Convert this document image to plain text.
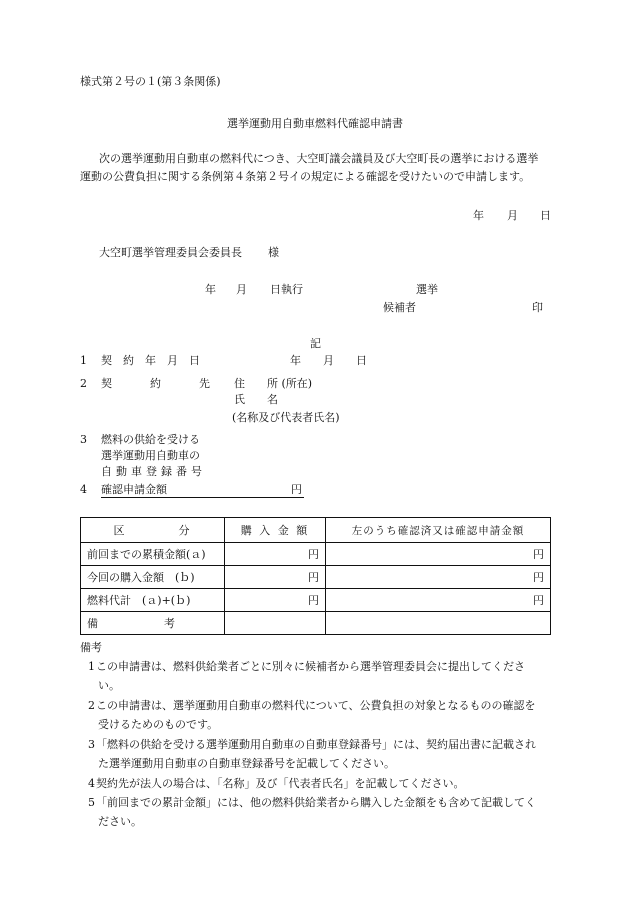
様式第２号の１(第３条関係)
選挙運動用自動車燃料代確認申請書
次の選挙運動用自動車の燃料代につき、大空町議会議員及び大空町長の選挙における選挙
運動の公費負担に関する条例第４条第２号イの規定による確認を受けたいので申請します。
年 月 日
大空町選挙管理委員会委員長 様
年 月 日執行	選挙
候補者	印
記
1 契　約　年　月　日	年 月 日
2 契	約	先 住　　所 (所在)
氏　　名
(名称及び代表者氏名)
3 燃料の供給を受ける
選挙運動用自動車の
自動車登録番号
4 確認申請金額	円
区　　　　分	購 入 金 額	左のうち確認済又は確認申請金額
前回までの累積金額(ａ)	円	円
今回の購入金額　(ｂ)	円	円
燃料代計　(ａ)+(ｂ)	円	円
備　　　　　　考		
備考
1 この申請書は、燃料供給業者ごとに別々に候補者から選挙管理委員会に提出してくださ
い。
2 この申請書は、選挙運動用自動車の燃料代について、公費負担の対象となるものの確認を
受けるためのものです。
3 「燃料の供給を受ける選挙運動用自動車の自動車登録番号」には、契約届出書に記載され
た選挙運動用自動車の自動車登録番号を記載してください。
4 契約先が法人の場合は、「名称」及び「代表者氏名」を記載してください。
5 「前回までの累計金額」には、他の燃料供給業者から購入した金額をも含めて記載してく
ださい。
